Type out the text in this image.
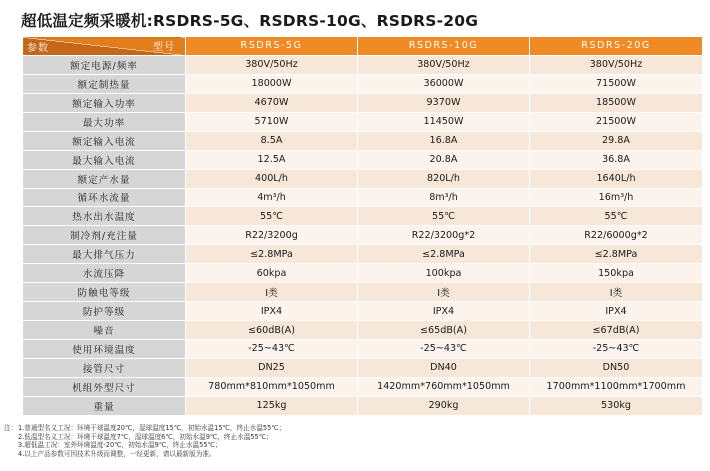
超低温定频采暖机:RSDRS-5G、RSDRS-10G、RSDRS-20G
型号
参数	RSDRS-5G	RSDRS-10G	RSDRS-20G
额定电源/频率	380V/50Hz	380V/50Hz	380V/50Hz
额定制热量	18000W	36000W	71500W
额定输入功率	4670W	9370W	18500W
最大功率	5710W	11450W	21500W
额定输入电流	8.5A	16.8A	29.8A
最大输入电流	12.5A	20.8A	36.8A
额定产水量	400L/h	820L/h	1640L/h
循环水流量	4m³/h	8m³/h	16m³/h
热水出水温度	55℃	55℃	55℃
制冷剂/充注量	R22/3200g	R22/3200g*2	R22/6000g*2
最大排气压力	≤2.8MPa	≤2.8MPa	≤2.8MPa
水流压降	60kpa	100kpa	150kpa
防触电等级	I类	I类	I类
防护等级	IPX4	IPX4	IPX4
噪音	≤60dB(A)	≤65dB(A)	≤67dB(A)
使用环境温度	-25~43℃	-25~43℃	-25~43℃
接管尺寸	DN25	DN40	DN50
机组外型尺寸	780mm*810mm*1050mm	1420mm*760mm*1050mm	1700mm*1100mm*1700mm
重量	125kg	290kg	530kg
注：1.普通型名义工况：环境干球温度20℃，湿球温度15℃，初始水温15℃，终止水温55℃；
2.低温型名义工况：环境干球温度7℃，湿球温度6℃，初始水温9℃，终止水温55℃；
3.超低温工况：室外环境温度-20℃，初始水温9℃，终止水温55℃；
4.以上产品参数可因技术升级而调整，一经更新，请以最新版为准。
